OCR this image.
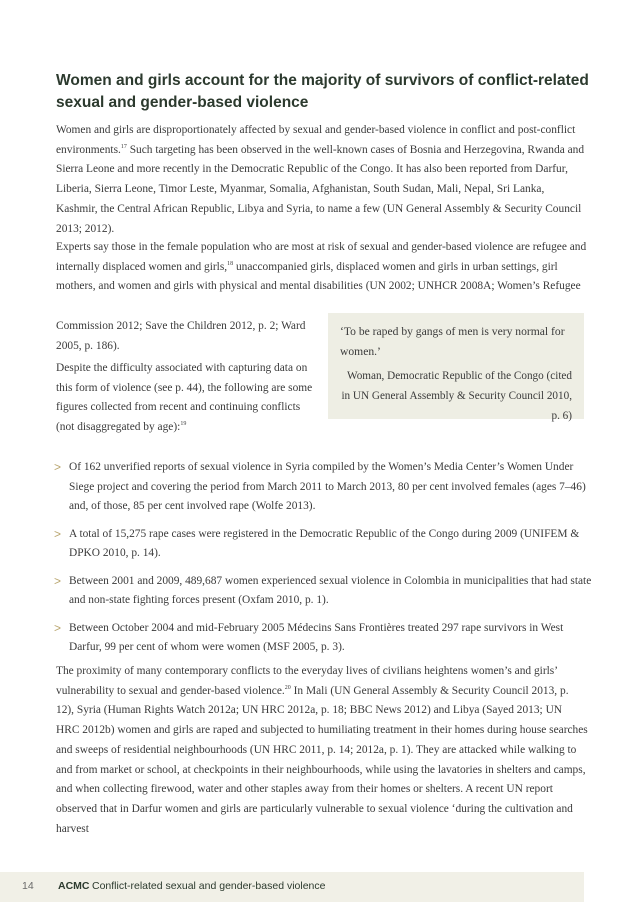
Women and girls account for the majority of survivors of conflict-related sexual and gender-based violence

Women and girls are disproportionately affected by sexual and gender-based violence in conflict and post-conflict environments.$^{17}$ Such targeting has been observed in the well-known cases of Bosnia and Herzegovina, Rwanda and Sierra Leone and more recently in the Democratic Republic of the Congo. It has also been reported from Darfur, Liberia, Sierra Leone, Timor Leste, Myanmar, Somalia, Afghanistan, South Sudan, Mali, Nepal, Sri Lanka, Kashmir, the Central African Republic, Libya and Syria, to name a few (UN General Assembly & Security Council 2013; 2012).

Experts say those in the female population who are most at risk of sexual and gender-based violence are refugee and internally displaced women and girls,$^{18}$ unaccompanied girls, displaced women and girls in urban settings, girl mothers, and women and girls with physical and mental disabilities (UN 2002; UNHCR 2008A; Women’s Refugee

Commission 2012; Save the Children 2012, p. 2; Ward 2005, p. 186).

Despite the difficulty associated with capturing data on this form of violence (see p. 44), the following are some figures collected from recent and continuing conflicts (not disaggregated by age):$^{19}$

‘To be raped by gangs of men is very normal for women.’

Woman, Democratic Republic of the Congo (cited in UN General Assembly & Security Council 2010, p. 6)

> Of 162 unverified reports of sexual violence in Syria compiled by the Women’s Media Center’s Women Under Siege project and covering the period from March 2011 to March 2013, 80 per cent involved females (ages 7–46) and, of those, 85 per cent involved rape (Wolfe 2013).
> A total of 15,275 rape cases were registered in the Democratic Republic of the Congo during 2009 (UNIFEM & DPKO 2010, p. 14).
> Between 2001 and 2009, 489,687 women experienced sexual violence in Colombia in municipalities that had state and non-state fighting forces present (Oxfam 2010, p. 1).
> Between October 2004 and mid-February 2005 Médecins Sans Frontières treated 297 rape survivors in West Darfur, 99 per cent of whom were women (MSF 2005, p. 3).

The proximity of many contemporary conflicts to the everyday lives of civilians heightens women’s and girls’ vulnerability to sexual and gender-based violence.$^{20}$ In Mali (UN General Assembly & Security Council 2013, p. 12), Syria (Human Rights Watch 2012a; UN HRC 2012a, p. 18; BBC News 2012) and Libya (Sayed 2013; UN HRC 2012b) women and girls are raped and subjected to humiliating treatment in their homes during house searches and sweeps of residential neighbourhoods (UN HRC 2011, p. 14; 2012a, p. 1). They are attacked while walking to and from market or school, at checkpoints in their neighbourhoods, while using the lavatories in shelters and camps, and when collecting firewood, water and other staples away from their homes or shelters. A recent UN report observed that in Darfur women and girls are particularly vulnerable to sexual violence ‘during the cultivation and harvest

14 ACMC Conflict-related sexual and gender-based violence
